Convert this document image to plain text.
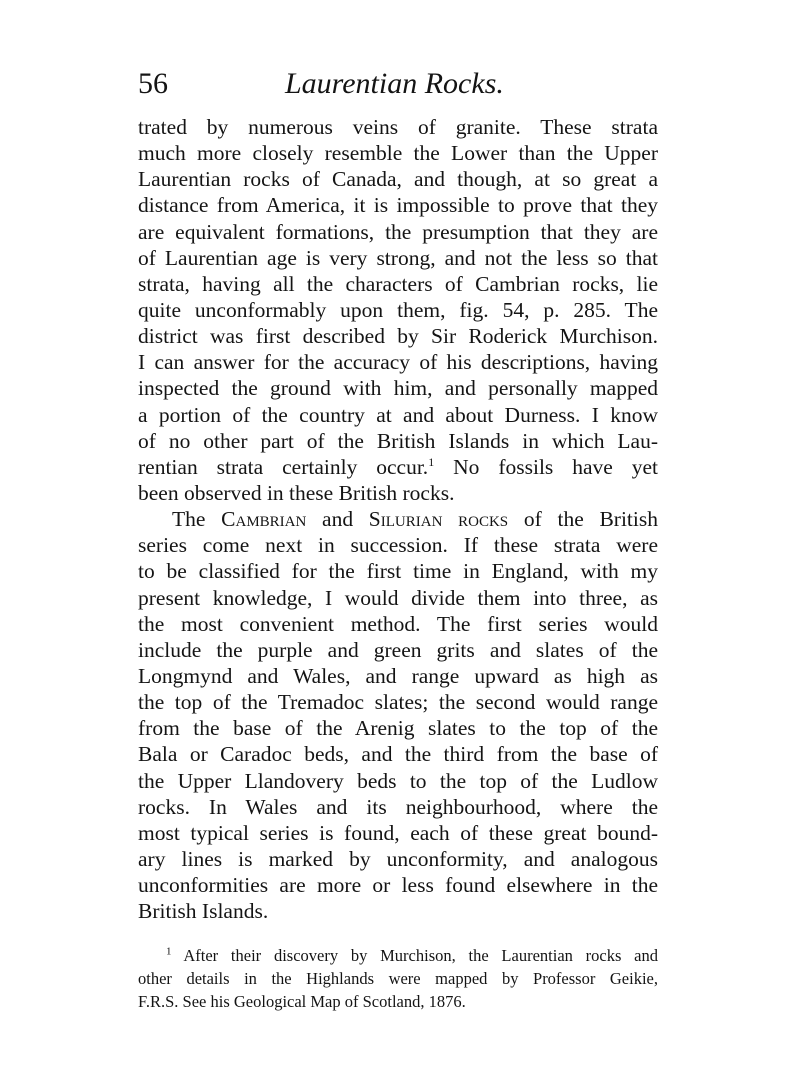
56	Laurentian Rocks.
trated by numerous veins of granite. These strata
much more closely resemble the Lower than the Upper
Laurentian rocks of Canada, and though, at so great a
distance from America, it is impossible to prove that they
are equivalent formations, the presumption that they are
of Laurentian age is very strong, and not the less so that
strata, having all the characters of Cambrian rocks, lie
quite unconformably upon them, fig. 54, p. 285. The
district was first described by Sir Roderick Murchison.
I can answer for the accuracy of his descriptions, having
inspected the ground with him, and personally mapped
a portion of the country at and about Durness. I know
of no other part of the British Islands in which Lau-
rentian strata certainly occur.$^1$ No fossils have yet
been observed in these British rocks.
The Cambrian and Silurian rocks of the British
series come next in succession. If these strata were
to be classified for the first time in England, with my
present knowledge, I would divide them into three, as
the most convenient method. The first series would
include the purple and green grits and slates of the
Longmynd and Wales, and range upward as high as
the top of the Tremadoc slates; the second would range
from the base of the Arenig slates to the top of the
Bala or Caradoc beds, and the third from the base of
the Upper Llandovery beds to the top of the Ludlow
rocks. In Wales and its neighbourhood, where the
most typical series is found, each of these great bound-
ary lines is marked by unconformity, and analogous
unconformities are more or less found elsewhere in the
British Islands.
$^1$ After their discovery by Murchison, the Laurentian rocks and
other details in the Highlands were mapped by Professor Geikie,
F.R.S. See his Geological Map of Scotland, 1876.
